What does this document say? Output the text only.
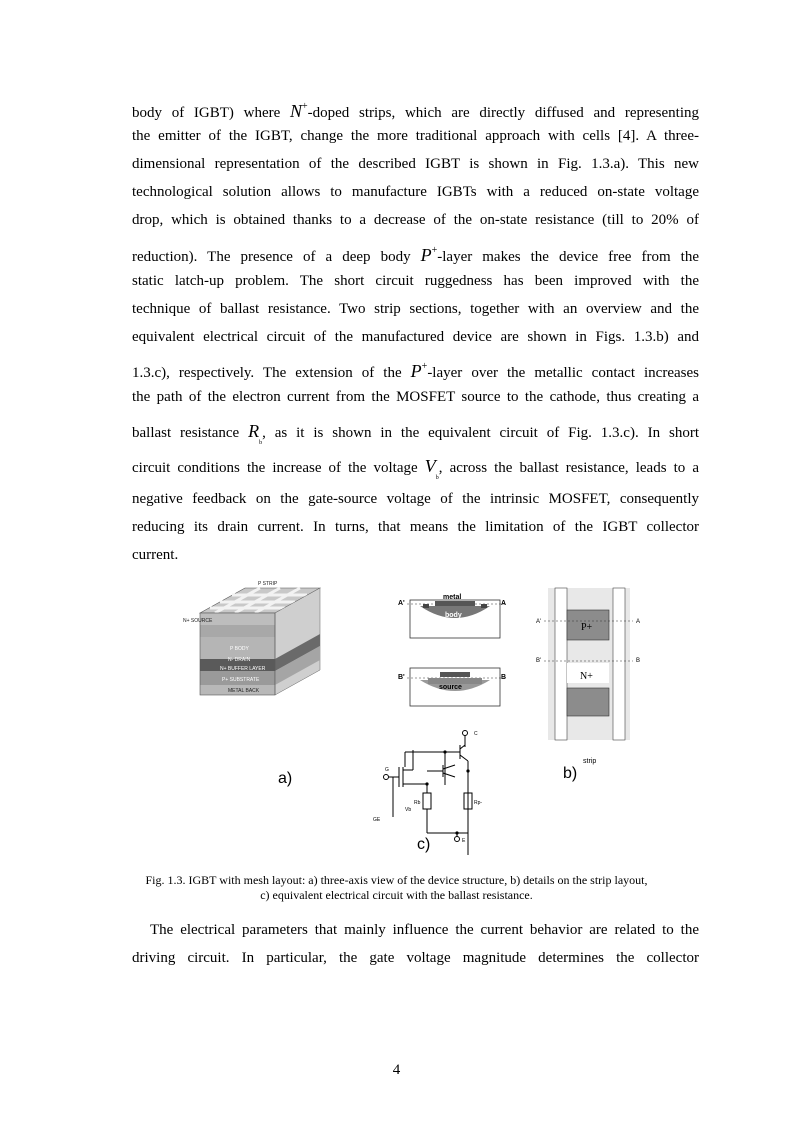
body of IGBT) where N+-doped strips, which are directly diffused and representing
the emitter of the IGBT, change the more traditional approach with cells [4]. A three-
dimensional representation of the described IGBT is shown in Fig. 1.3.a). This new
technological solution allows to manufacture IGBTs with a reduced on-state voltage
drop, which is obtained thanks to a decrease of the on-state resistance (till to 20% of
reduction). The presence of a deep body P+-layer makes the device free from the
static latch-up problem. The short circuit ruggedness has been improved with the
technique of ballast resistance. Two strip sections, together with an overview and the
equivalent electrical circuit of the manufactured device are shown in Figs. 1.3.b) and
1.3.c), respectively. The extension of the P+-layer over the metallic contact increases
the path of the electron current from the MOSFET source to the cathode, thus creating a
ballast resistance $R_b$, as it is shown in the equivalent circuit of Fig. 1.3.c). In short
circuit conditions the increase of the voltage $V_b$, across the ballast resistance, leads to a
negative feedback on the gate-source voltage of the intrinsic MOSFET, consequently
reducing its drain current. In turns, that means the limitation of the IGBT collector
current.
P STRIP
N+ SOURCE
P BODY
N- DRAIN
N+ BUFFER LAYER
P+ SUBSTRATE
METAL BACK
a)
metal
body
A'	A
source
B'	B
P+
N+
A'	A
B'	B
strip
b)
C
G
E
GE
Vb
Rb	Rp-
c)
Fig. 1.3. IGBT with mesh layout: a) three-axis view of the device structure, b) details on the strip layout,
c) equivalent electrical circuit with the ballast resistance.
The electrical parameters that mainly influence the current behavior are related to the
driving circuit. In particular, the gate voltage magnitude determines the collector
4
